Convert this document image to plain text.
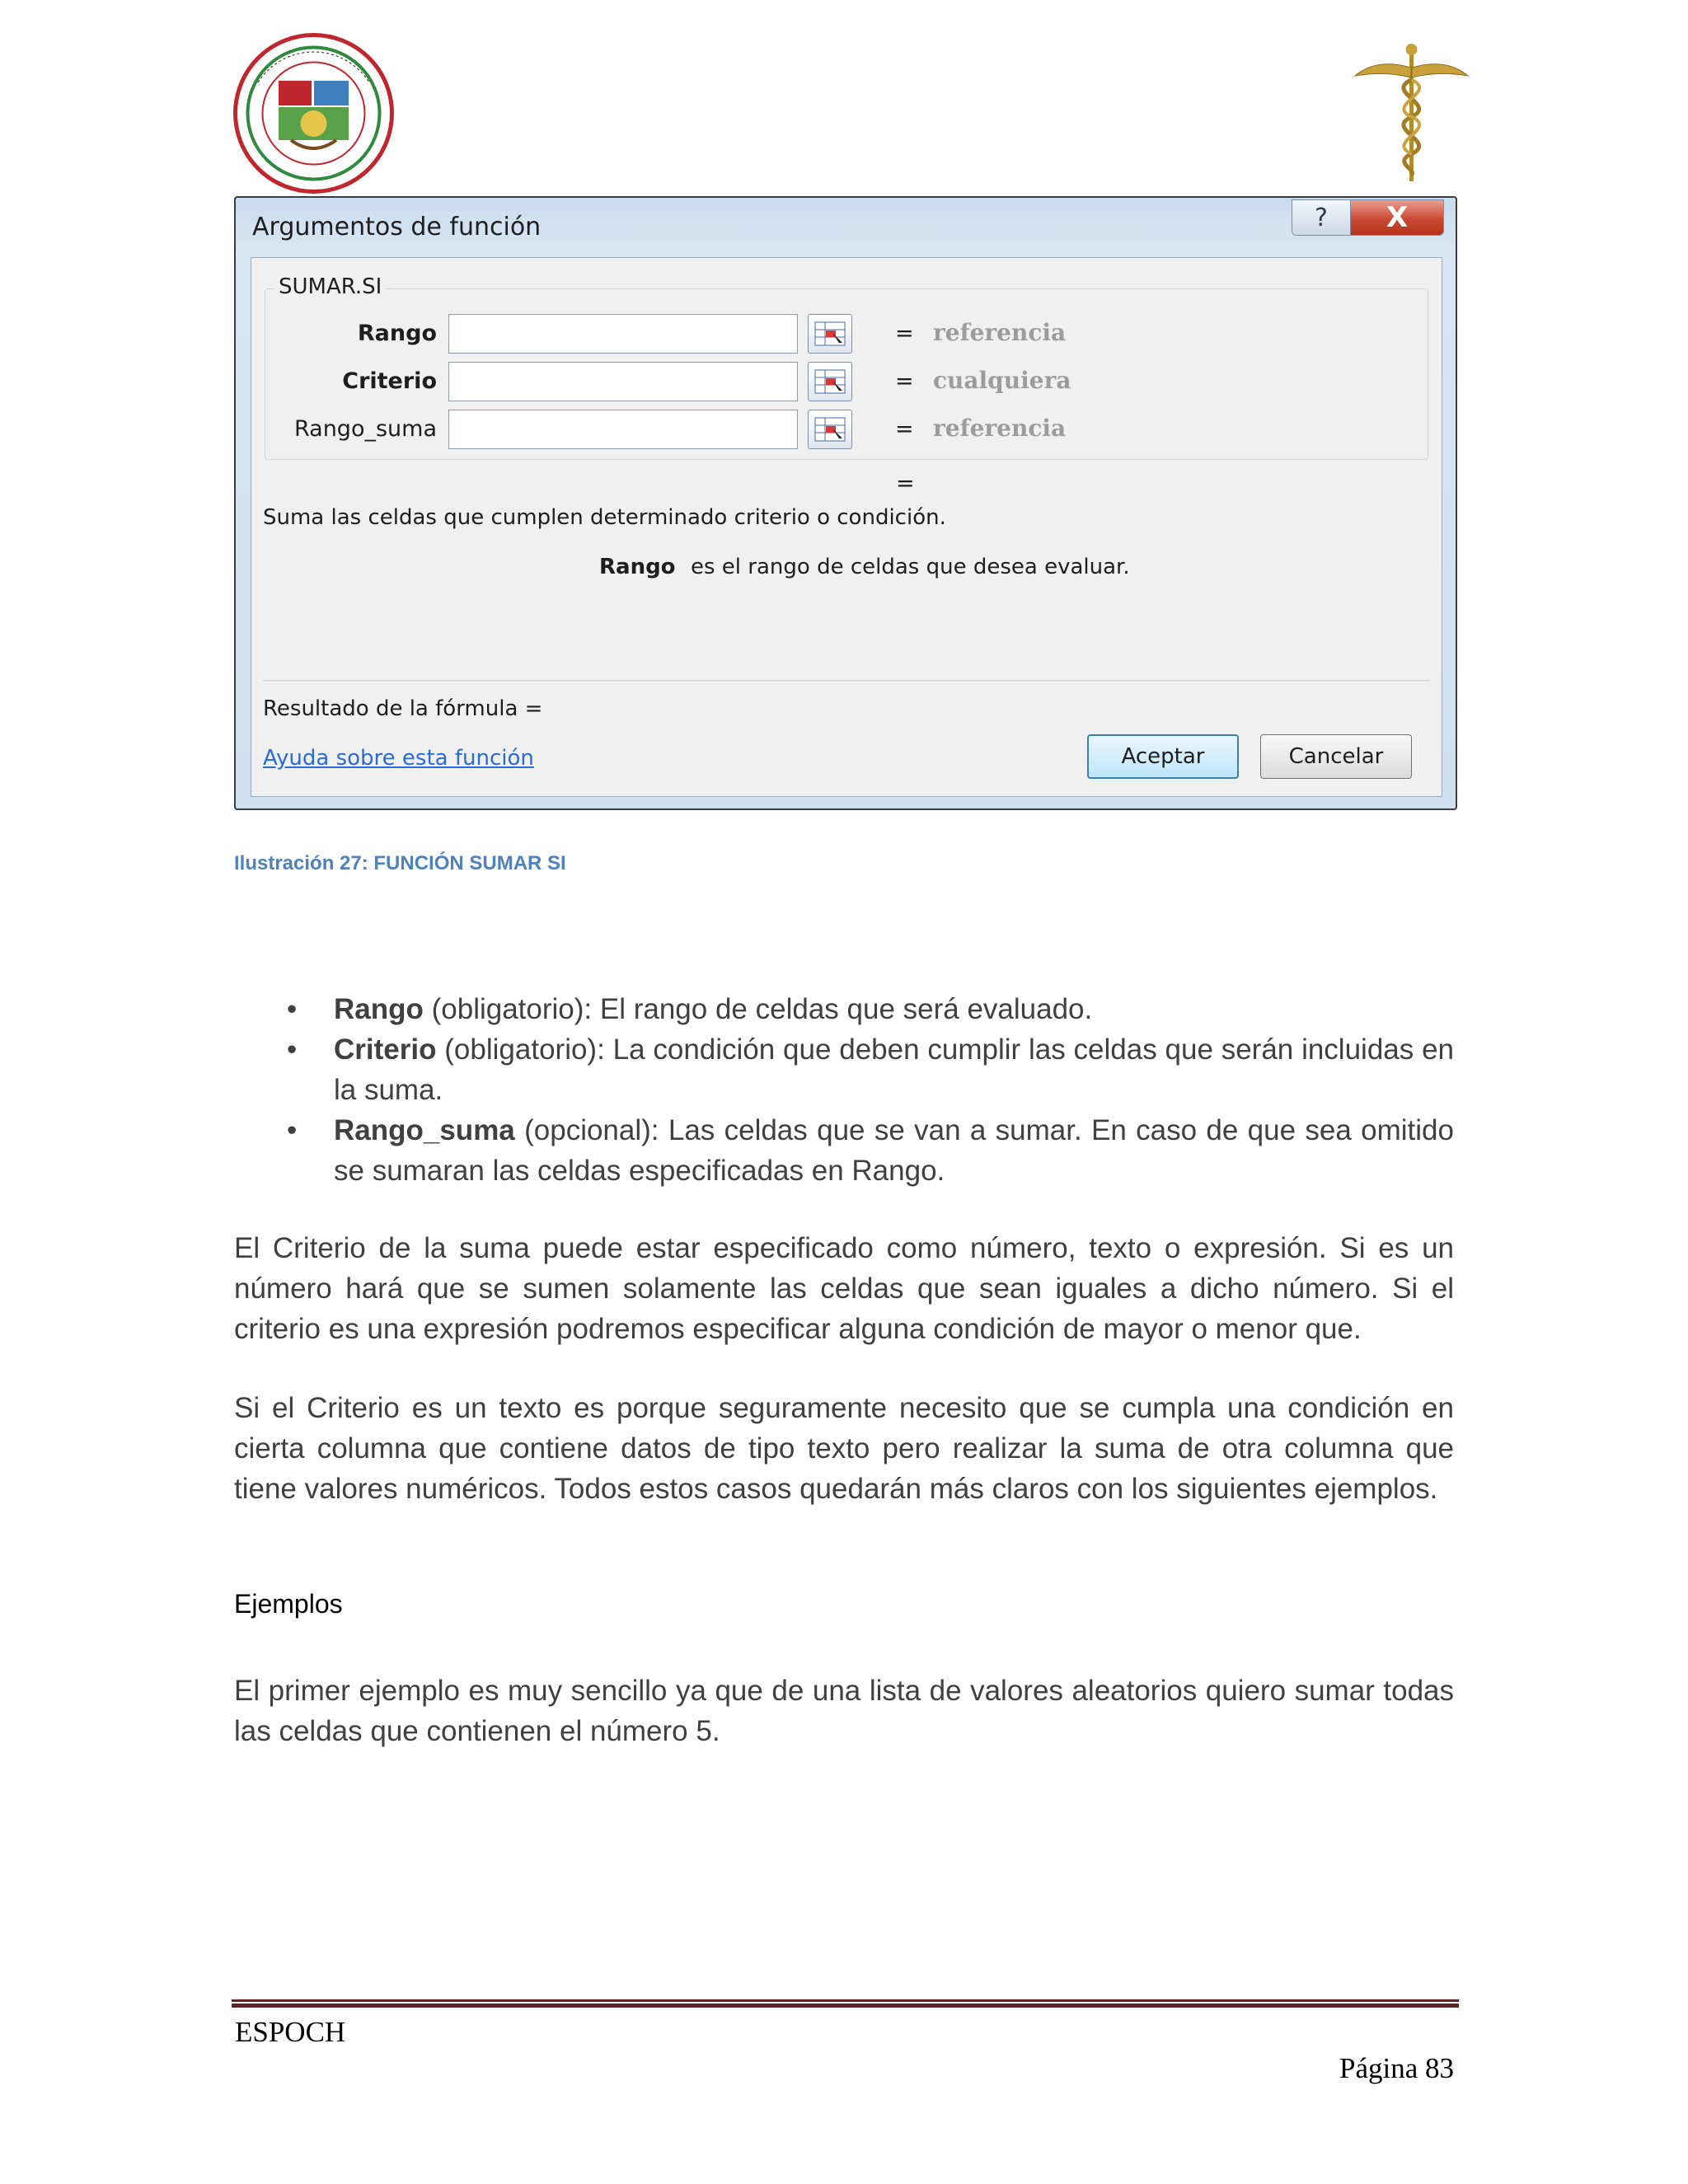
Argumentos de función	?	X
SUMAR.SI
Rango	= referencia
Criterio	= cualquiera
Rango_suma	= referencia
=
Suma las celdas que cumplen determinado criterio o condición.
Rango es el rango de celdas que desea evaluar.
Resultado de la fórmula =
Ayuda sobre esta función	Aceptar	Cancelar
Ilustración 27: FUNCIÓN SUMAR SI
• Rango (obligatorio): El rango de celdas que será evaluado.
• Criterio (obligatorio): La condición que deben cumplir las celdas que serán incluidas en la suma.
• Rango_suma (opcional): Las celdas que se van a sumar. En caso de que sea omitido se sumaran las celdas especificadas en Rango.
El Criterio de la suma puede estar especificado como número, texto o expresión. Si es un número hará que se sumen solamente las celdas que sean iguales a dicho número. Si el criterio es una expresión podremos especificar alguna condición de mayor o menor que.
Si el Criterio es un texto es porque seguramente necesito que se cumpla una condición en cierta columna que contiene datos de tipo texto pero realizar la suma de otra columna que tiene valores numéricos. Todos estos casos quedarán más claros con los siguientes ejemplos.
Ejemplos
El primer ejemplo es muy sencillo ya que de una lista de valores aleatorios quiero sumar todas las celdas que contienen el número 5.
ESPOCH
Página 83
